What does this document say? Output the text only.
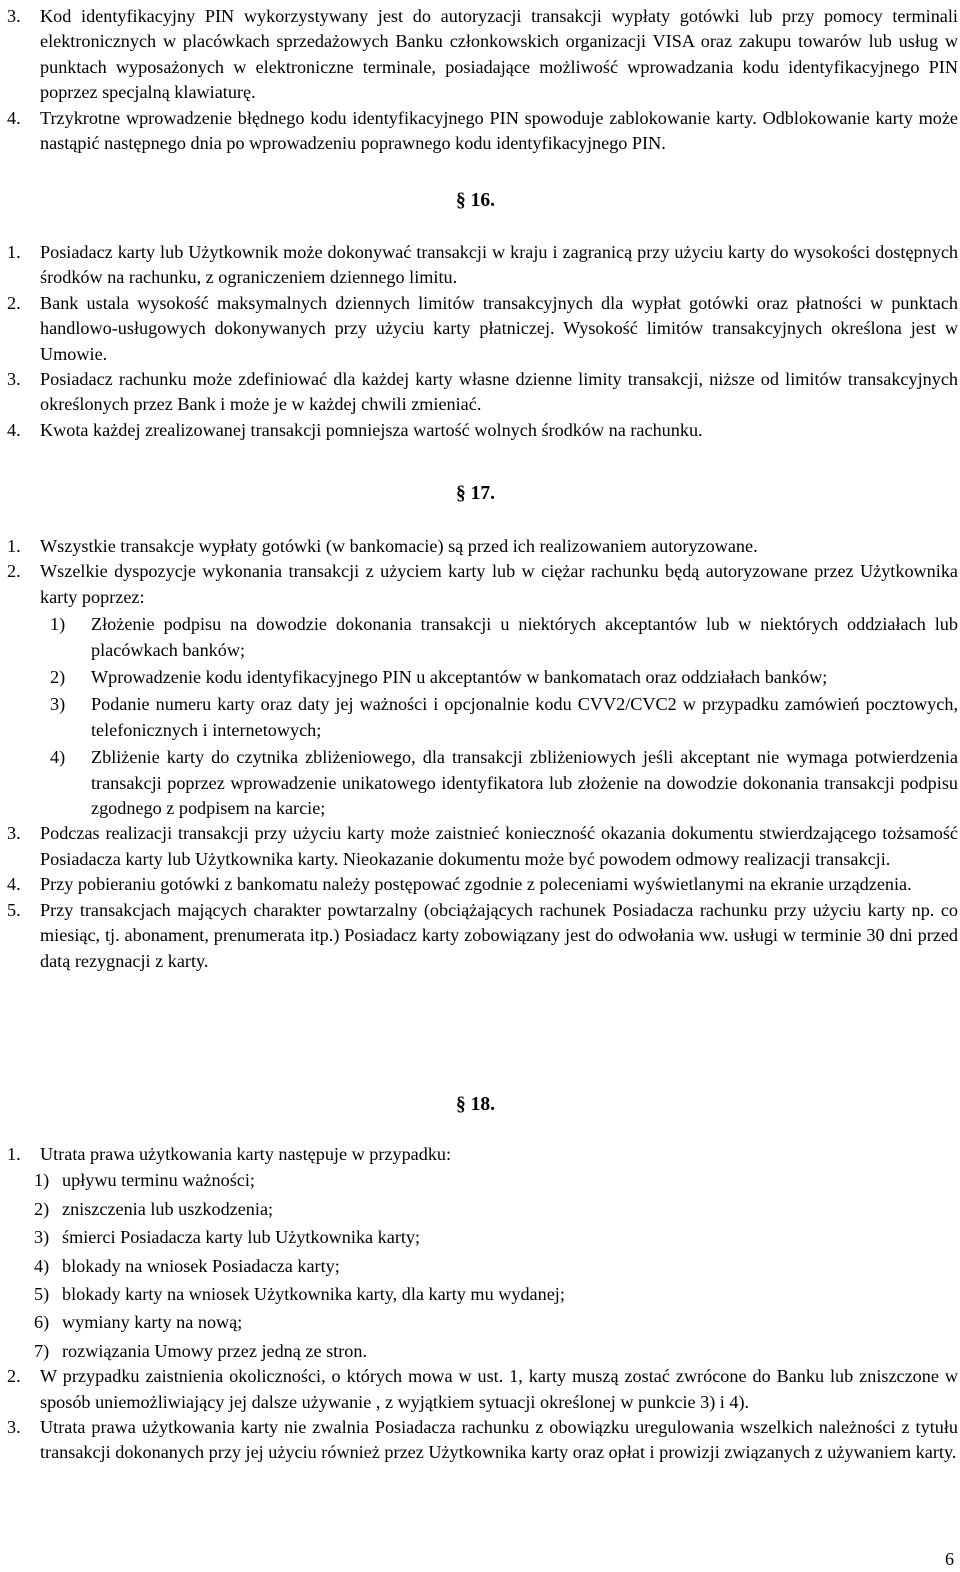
3.	Kod identyfikacyjny PIN wykorzystywany jest do autoryzacji transakcji wypłaty gotówki lub przy pomocy terminali elektronicznych w placówkach sprzedażowych Banku członkowskich organizacji VISA oraz zakupu towarów lub usług w punktach wyposażonych w elektroniczne terminale, posiadające możliwość wprowadzania kodu identyfikacyjnego PIN poprzez specjalną klawiaturę.
4.	Trzykrotne wprowadzenie błędnego kodu identyfikacyjnego PIN spowoduje zablokowanie karty. Odblokowanie karty może nastąpić następnego dnia po wprowadzeniu poprawnego kodu identyfikacyjnego PIN.
§ 16.
1.	Posiadacz karty lub Użytkownik może dokonywać transakcji w kraju i zagranicą przy użyciu karty do wysokości dostępnych środków na rachunku, z ograniczeniem dziennego limitu.
2.	Bank ustala wysokość maksymalnych dziennych limitów transakcyjnych dla wypłat gotówki oraz płatności w punktach handlowo-usługowych dokonywanych przy użyciu karty płatniczej. Wysokość limitów transakcyjnych określona jest w Umowie.
3.	Posiadacz rachunku może zdefiniować dla każdej karty własne dzienne limity transakcji, niższe od limitów transakcyjnych określonych przez Bank i może je w każdej chwili zmieniać.
4.	Kwota każdej zrealizowanej transakcji pomniejsza wartość wolnych środków na rachunku.
§ 17.
1.	Wszystkie transakcje wypłaty gotówki (w bankomacie) są przed ich realizowaniem autoryzowane.
2.	Wszelkie dyspozycje wykonania transakcji z użyciem karty lub w ciężar rachunku będą autoryzowane przez Użytkownika karty poprzez:
1)	Złożenie podpisu na dowodzie dokonania transakcji u niektórych akceptantów lub w niektórych oddziałach lub placówkach banków;
2)	Wprowadzenie kodu identyfikacyjnego PIN u akceptantów w bankomatach oraz oddziałach banków;
3)	Podanie numeru karty oraz daty jej ważności i opcjonalnie kodu CVV2/CVC2 w przypadku zamówień pocztowych, telefonicznych i internetowych;
4)	Zbliżenie karty do czytnika zbliżeniowego, dla transakcji zbliżeniowych jeśli akceptant nie wymaga potwierdzenia transakcji poprzez wprowadzenie unikatowego identyfikatora lub złożenie na dowodzie dokonania transakcji podpisu zgodnego z podpisem na karcie;
3.	Podczas realizacji transakcji przy użyciu karty może zaistnieć konieczność okazania dokumentu stwierdzającego tożsamość Posiadacza karty lub Użytkownika karty. Nieokazanie dokumentu może być powodem odmowy realizacji transakcji.
4.	Przy pobieraniu gotówki z bankomatu należy postępować zgodnie z poleceniami wyświetlanymi na ekranie urządzenia.
5.	Przy transakcjach mających charakter powtarzalny (obciążających rachunek Posiadacza rachunku przy użyciu karty np. co miesiąc, tj. abonament, prenumerata itp.) Posiadacz karty zobowiązany jest do odwołania ww. usługi w terminie 30 dni przed datą rezygnacji z karty.
§ 18.
1.	Utrata prawa użytkowania karty następuje w przypadku:
1) upływu terminu ważności;
2) zniszczenia lub uszkodzenia;
3) śmierci Posiadacza karty lub Użytkownika karty;
4) blokady na wniosek Posiadacza karty;
5) blokady karty na wniosek Użytkownika karty, dla karty mu wydanej;
6) wymiany karty na nową;
7) rozwiązania Umowy przez jedną ze stron.
2.	W przypadku zaistnienia okoliczności, o których mowa w ust. 1, karty muszą zostać zwrócone do Banku lub zniszczone w sposób uniemożliwiający jej dalsze używanie , z wyjątkiem sytuacji określonej w punkcie 3) i 4).
3.	Utrata prawa użytkowania karty nie zwalnia Posiadacza rachunku z obowiązku uregulowania wszelkich należności z tytułu transakcji dokonanych przy jej użyciu również przez Użytkownika karty oraz opłat i prowizji związanych z używaniem karty.
6
